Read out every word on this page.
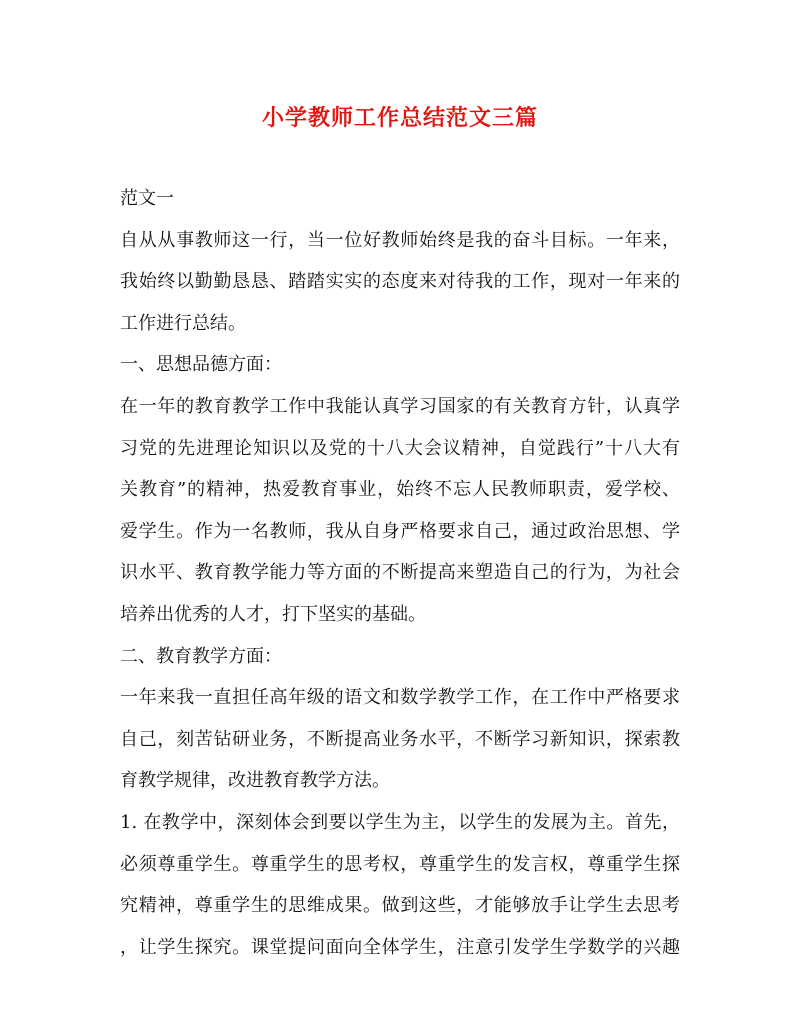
小学教师工作总结范文三篇
范文一
自从从事教师这一行，当一位好教师始终是我的奋斗目标。一年来，
我始终以勤勤恳恳、踏踏实实的态度来对待我的工作，现对一年来的
工作进行总结。
一、思想品德方面：
在一年的教育教学工作中我能认真学习国家的有关教育方针，认真学
习党的先进理论知识以及党的十八大会议精神，自觉践行”十八大有
关教育”的精神，热爱教育事业，始终不忘人民教师职责，爱学校、
爱学生。作为一名教师，我从自身严格要求自己，通过政治思想、学
识水平、教育教学能力等方面的不断提高来塑造自己的行为，为社会
培养出优秀的人才，打下坚实的基础。
二、教育教学方面：
一年来我一直担任高年级的语文和数学教学工作，在工作中严格要求
自己，刻苦钻研业务，不断提高业务水平，不断学习新知识，探索教
育教学规律，改进教育教学方法。
1. 在教学中，深刻体会到要以学生为主，以学生的发展为主。首先，
必须尊重学生。尊重学生的思考权，尊重学生的发言权，尊重学生探
究精神，尊重学生的思维成果。做到这些，才能够放手让学生去思考
，让学生探究。课堂提问面向全体学生，注意引发学生学数学的兴趣
